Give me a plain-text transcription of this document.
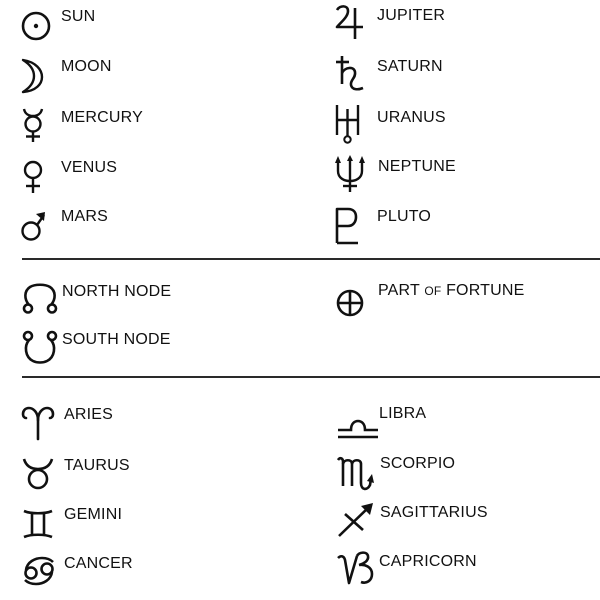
SUN
MOON
MERCURY
VENUS
MARS
JUPITER
SATURN
URANUS
NEPTUNE
PLUTO
NORTH NODE
SOUTH NODE
PART OF FORTUNE
ARIES
TAURUS
GEMINI
CANCER
LIBRA
SCORPIO
SAGITTARIUS
CAPRICORN
